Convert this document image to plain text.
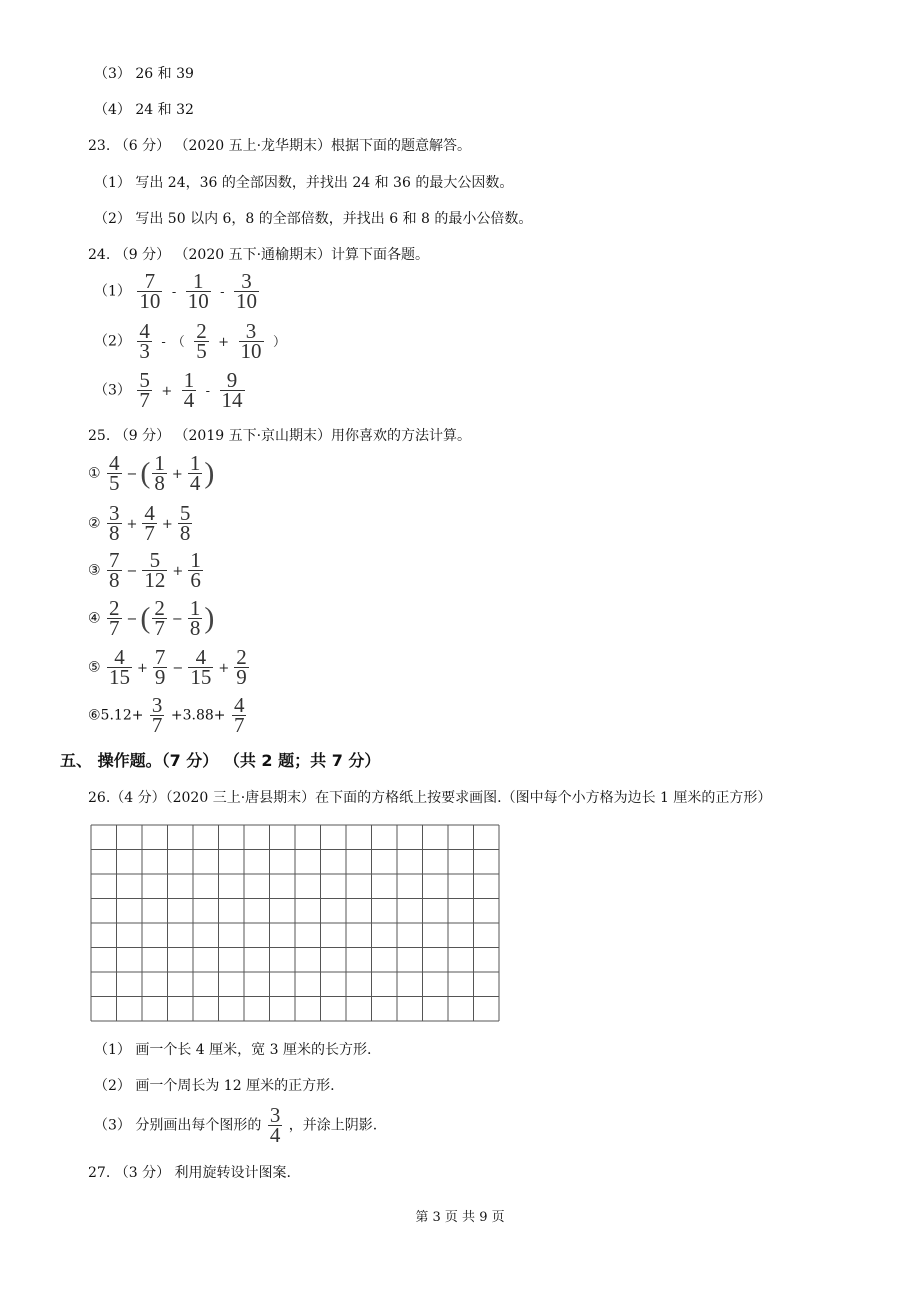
（3） 26 和 39
（4） 24 和 32
23. （6 分） （2020 五上·龙华期末）根据下面的题意解答。
（1） 写出 24，36 的全部因数，并找出 24 和 36 的最大公因数。
（2） 写出 50 以内 6，8 的全部倍数，并找出 6 和 8 的最小公倍数。
24. （9 分） （2020 五下·通榆期末）计算下面各题。
$(1) \frac{7}{10} - \frac{1}{10} - \frac{3}{10}$
$(2) \frac{4}{3}$ - （ $\frac{2}{5} + \frac{3}{10}$ ）
$(3) \frac{5}{7} + \frac{1}{4} - \frac{9}{14}$
25. （9 分） （2019 五下·京山期末）用你喜欢的方法计算。
① $\frac{4}{5}$ − ( $\frac{1}{8} + \frac{1}{4}$ )
② $\frac{3}{8} + \frac{4}{7} + \frac{5}{8}$
③ $\frac{7}{8} - \frac{5}{12} + \frac{1}{6}$
④ $\frac{2}{7}$ − ( $\frac{2}{7} - \frac{1}{8}$ )
⑤ $\frac{4}{15} + \frac{7}{9} - \frac{4}{15} + \frac{2}{9}$
⑥5.12+ $\frac{3}{7} +3.88+ \frac{4}{7}$
五、 操作题。（7 分） （共 2 题；共 7 分）
26.（4 分）（2020 三上·唐县期末）在下面的方格纸上按要求画图.（图中每个小方格为边长 1 厘米的正方形）
（1） 画一个长 4 厘米，宽 3 厘米的长方形.
（2） 画一个周长为 12 厘米的正方形.
（3） 分别画出每个图形的 $\frac{3}{4}$ ，并涂上阴影.
27. （3 分） 利用旋转设计图案.
第 3 页 共 9 页
